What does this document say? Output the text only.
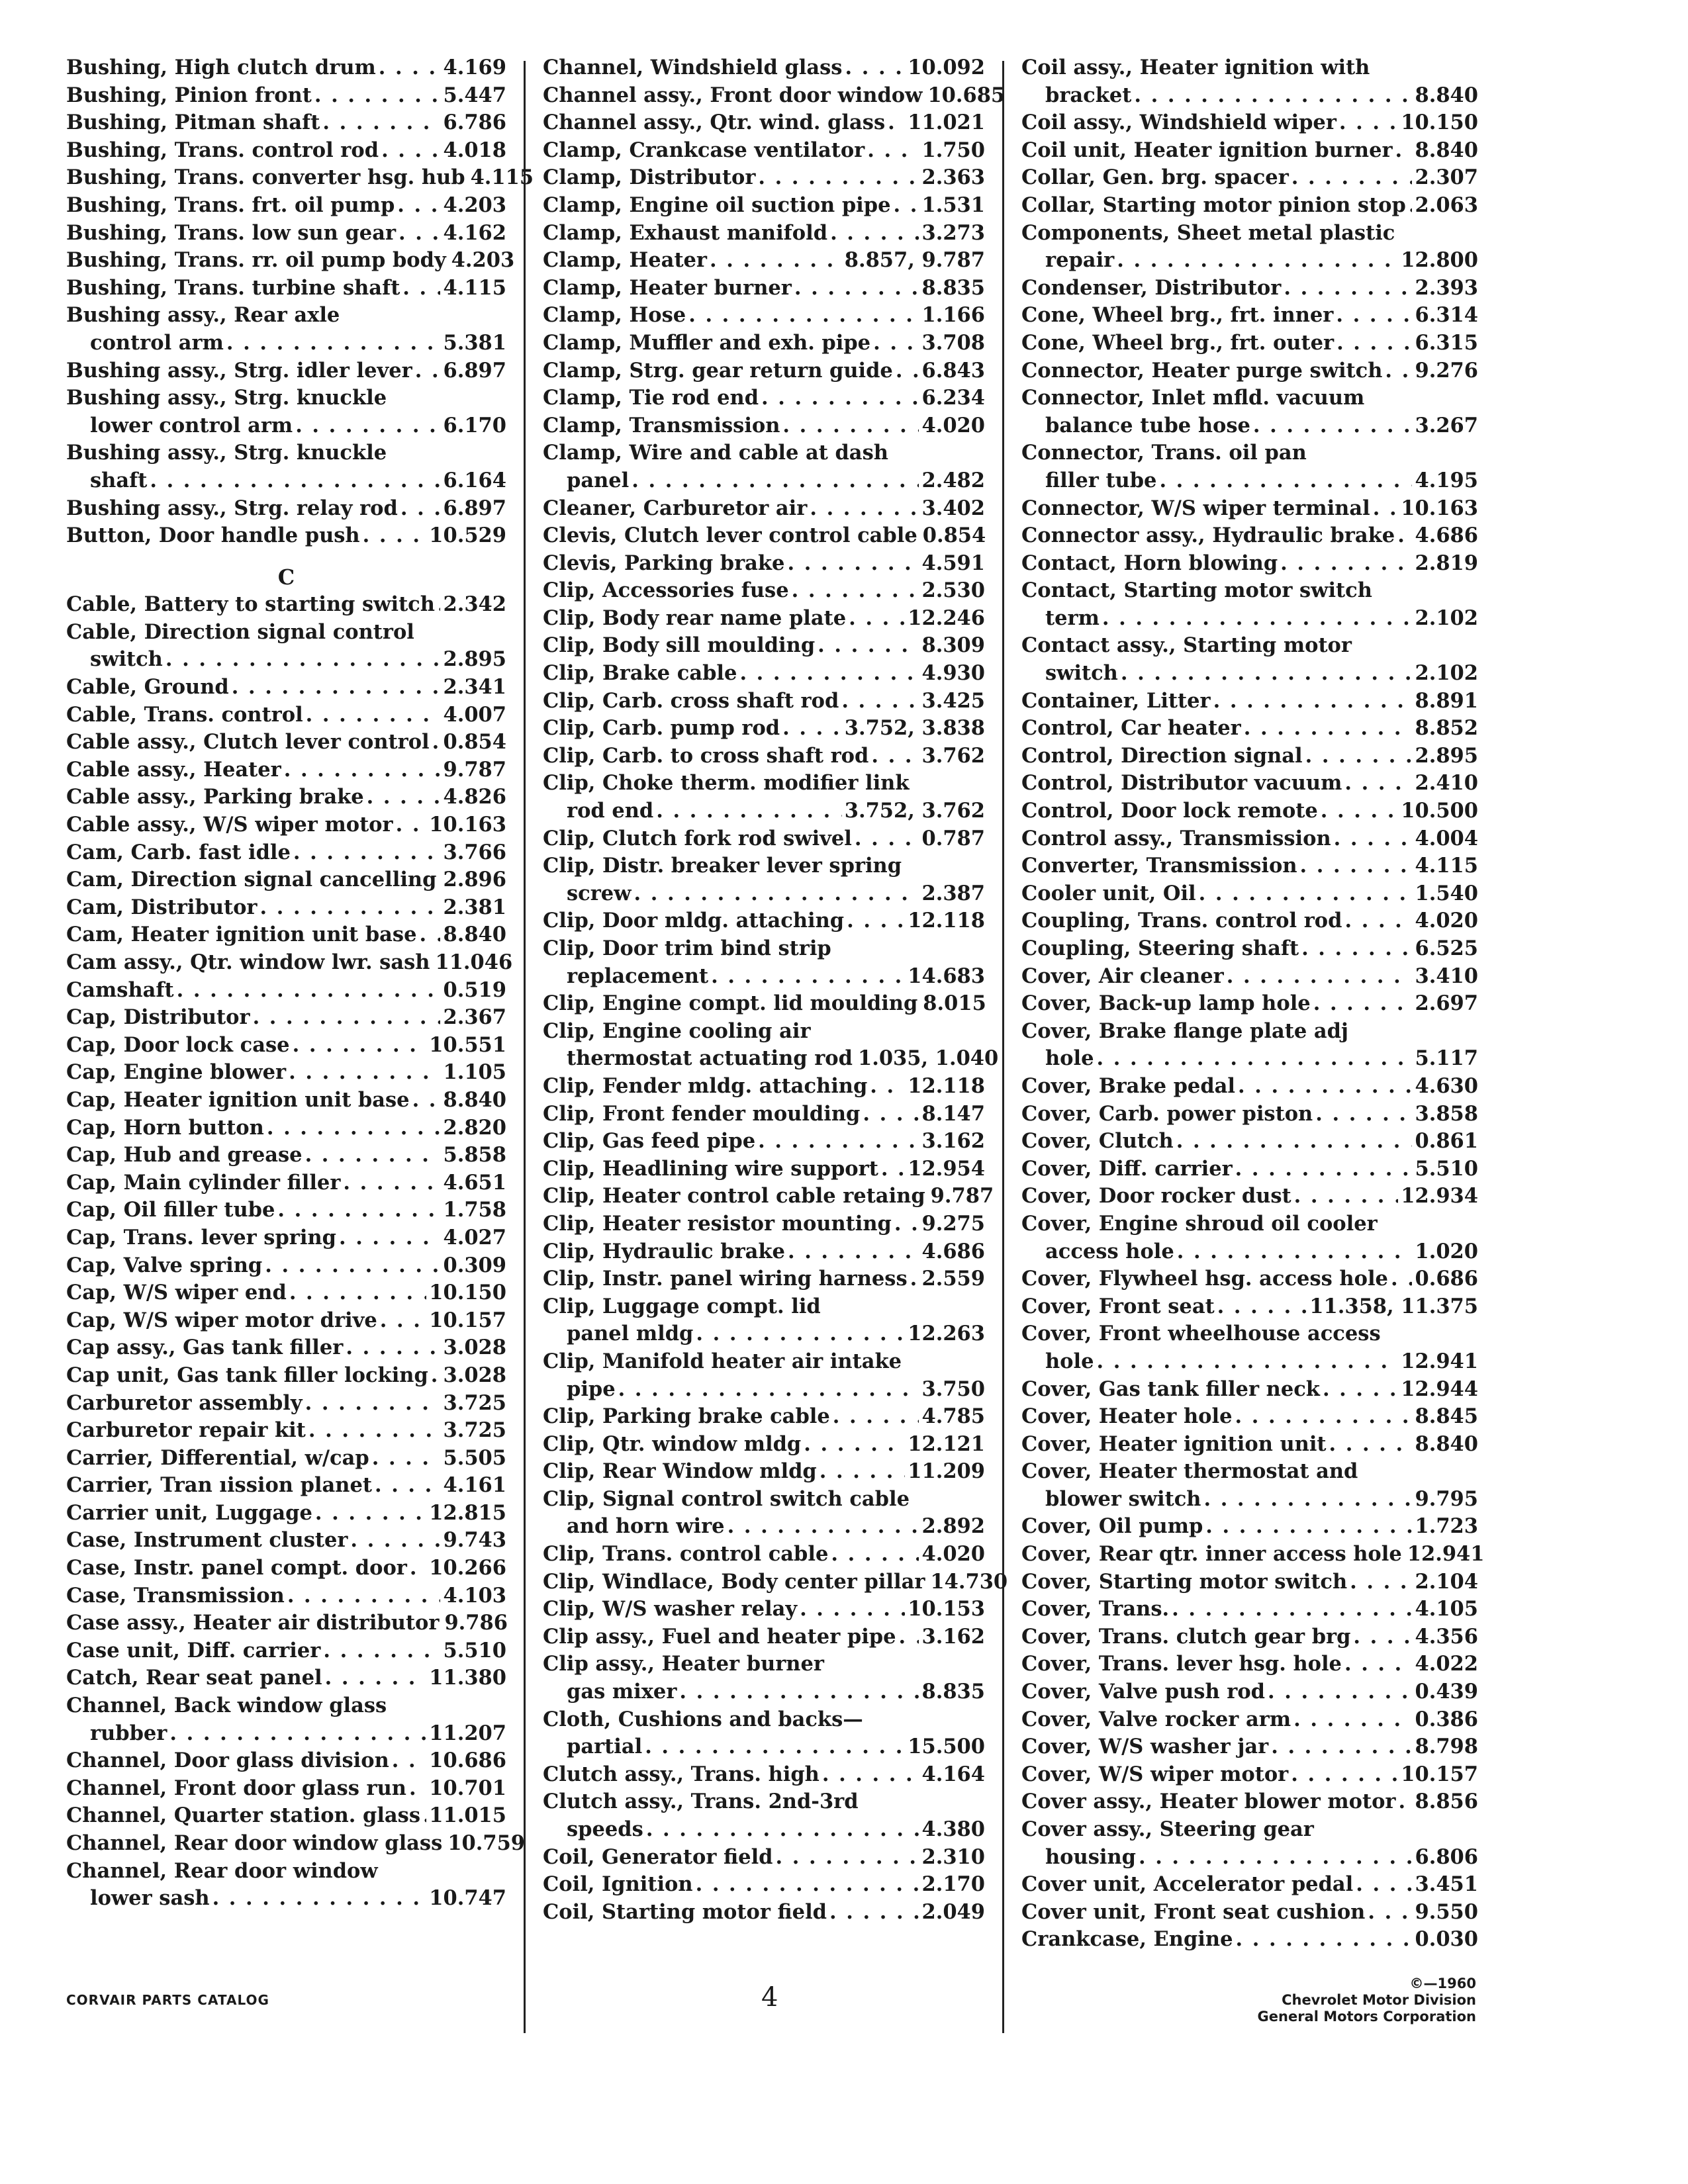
Bushing, High clutch drum . . .	4.169
Bushing, Pinion front . . .	5.447
Bushing, Pitman shaft . . .	6.786
Bushing, Trans. control rod . . .	4.018
Bushing, Trans. converter hsg. hub 4.115
Bushing, Trans. frt. oil pump . . . 4.203
Bushing, Trans. low sun gear . . . 4.162
Bushing, Trans. rr. oil pump body 4.203
Bushing, Trans. turbine shaft . . . 4.115
Bushing assy., Rear axle
control arm . . .	5.381
Bushing assy., Strg. idler lever . . . 6.897
Bushing assy., Strg. knuckle
lower control arm . . .	6.170
Bushing assy., Strg. knuckle
shaft . . .	6.164
Bushing assy., Strg. relay rod . . . 6.897
Button, Door handle push . . .	10.529
C
Cable, Battery to starting switch . . . 2.342
Cable, Direction signal control
switch . . .	2.895
Cable, Ground . . .	2.341
Cable, Trans. control . . .	4.007
Cable assy., Clutch lever control . . . 0.854
Cable assy., Heater . . .	9.787
Cable assy., Parking brake . . .	4.826
Cable assy., W/S wiper motor . . . 10.163
Cam, Carb. fast idle . . .	3.766
Cam, Direction signal cancelling . . . 2.896
Cam, Distributor . . .	2.381
Cam, Heater ignition unit base . . . 8.840
Cam assy., Qtr. window lwr. sash 11.046
Camshaft . . .	0.519
Cap, Distributor . . .	2.367
Cap, Door lock case . . .	10.551
Cap, Engine blower . . .	1.105
Cap, Heater ignition unit base . . . 8.840
Cap, Horn button . . .	2.820
Cap, Hub and grease . . .	5.858
Cap, Main cylinder filler . . .	4.651
Cap, Oil filler tube . . .	1.758
Cap, Trans. lever spring . . .	4.027
Cap, Valve spring . . .	0.309
Cap, W/S wiper end . . .	10.150
Cap, W/S wiper motor drive . . .	10.157
Cap assy., Gas tank filler . . .	3.028
Cap unit, Gas tank filler locking . . . 3.028
Carburetor assembly . . .	3.725
Carburetor repair kit . . .	3.725
Carrier, Differential, w/cap . . .	5.505
Carrier, Tran ıission planet . . .	4.161
Carrier unit, Luggage . . .	12.815
Case, Instrument cluster . . .	9.743
Case, Instr. panel compt. door . . . 10.266
Case, Transmission . . .	4.103
Case assy., Heater air distributor 9.786
Case unit, Diff. carrier . . .	5.510
Catch, Rear seat panel . . .	11.380
Channel, Back window glass
rubber . . .	11.207
Channel, Door glass division . . . 10.686
Channel, Front door glass run . . . 10.701
Channel, Quarter station. glass . . . 11.015
Channel, Rear door window glass 10.759
Channel, Rear door window
lower sash . . .	10.747
Channel, Windshield glass . . .	10.092
Channel assy., Front door window 10.685
Channel assy., Qtr. wind. glass . . . 11.021
Clamp, Crankcase ventilator . . .	1.750
Clamp, Distributor . . .	2.363
Clamp, Engine oil suction pipe . . . 1.531
Clamp, Exhaust manifold . . .	3.273
Clamp, Heater . . .	8.857, 9.787
Clamp, Heater burner . . .	8.835
Clamp, Hose . . .	1.166
Clamp, Muffler and exh. pipe . . .	3.708
Clamp, Strg. gear return guide . . . 6.843
Clamp, Tie rod end . . .	6.234
Clamp, Transmission . . .	4.020
Clamp, Wire and cable at dash
panel . . .	2.482
Cleaner, Carburetor air . . .	3.402
Clevis, Clutch lever control cable 0.854
Clevis, Parking brake . . .	4.591
Clip, Accessories fuse . . .	2.530
Clip, Body rear name plate . . .	12.246
Clip, Body sill moulding . . .	8.309
Clip, Brake cable . . .	4.930
Clip, Carb. cross shaft rod . . .	3.425
Clip, Carb. pump rod . . .	3.752, 3.838
Clip, Carb. to cross shaft rod . . .	3.762
Clip, Choke therm. modifier link
rod end . . .	3.752, 3.762
Clip, Clutch fork rod swivel . . .	0.787
Clip, Distr. breaker lever spring
screw . . .	2.387
Clip, Door mldg. attaching . . .	12.118
Clip, Door trim bind strip
replacement . . .	14.683
Clip, Engine compt. lid moulding 8.015
Clip, Engine cooling air
thermostat actuating rod 1.035, 1.040
Clip, Fender mldg. attaching . . . 12.118
Clip, Front fender moulding . . .	8.147
Clip, Gas feed pipe . . .	3.162
Clip, Headlining wire support . . . 12.954
Clip, Heater control cable retaing 9.787
Clip, Heater resistor mounting . . . 9.275
Clip, Hydraulic brake . . .	4.686
Clip, Instr. panel wiring harness . . . 2.559
Clip, Luggage compt. lid
panel mldg . . .	12.263
Clip, Manifold heater air intake
pipe . . .	3.750
Clip, Parking brake cable . . .	4.785
Clip, Qtr. window mldg . . .	12.121
Clip, Rear Window mldg . . .	11.209
Clip, Signal control switch cable
and horn wire . . .	2.892
Clip, Trans. control cable . . .	4.020
Clip, Windlace, Body center pillar 14.730
Clip, W/S washer relay . . .	10.153
Clip assy., Fuel and heater pipe . . . 3.162
Clip assy., Heater burner
gas mixer . . .	8.835
Cloth, Cushions and backs—
partial . . .	15.500
Clutch assy., Trans. high . . .	4.164
Clutch assy., Trans. 2nd-3rd
speeds . . .	4.380
Coil, Generator field . . .	2.310
Coil, Ignition . . .	2.170
Coil, Starting motor field . . .	2.049
Coil assy., Heater ignition with
bracket . . .	8.840
Coil assy., Windshield wiper . . .	10.150
Coil unit, Heater ignition burner . . . 8.840
Collar, Gen. brg. spacer . . .	2.307
Collar, Starting motor pinion stop . . . 2.063
Components, Sheet metal plastic
repair . . .	12.800
Condenser, Distributor . . .	2.393
Cone, Wheel brg., frt. inner . . .	6.314
Cone, Wheel brg., frt. outer . . .	6.315
Connector, Heater purge switch . . . 9.276
Connector, Inlet mfld. vacuum
balance tube hose . . .	3.267
Connector, Trans. oil pan
filler tube . . .	4.195
Connector, W/S wiper terminal . . . 10.163
Connector assy., Hydraulic brake . . . 4.686
Contact, Horn blowing . . .	2.819
Contact, Starting motor switch
term . . .	2.102
Contact assy., Starting motor
switch . . .	2.102
Container, Litter . . .	8.891
Control, Car heater . . .	8.852
Control, Direction signal . . .	2.895
Control, Distributor vacuum . . .	2.410
Control, Door lock remote . . .	10.500
Control assy., Transmission . . .	4.004
Converter, Transmission . . .	4.115
Cooler unit, Oil . . .	1.540
Coupling, Trans. control rod . . .	4.020
Coupling, Steering shaft . . .	6.525
Cover, Air cleaner . . .	3.410
Cover, Back-up lamp hole . . .	2.697
Cover, Brake flange plate adj
hole . . .	5.117
Cover, Brake pedal . . .	4.630
Cover, Carb. power piston . . .	3.858
Cover, Clutch . . .	0.861
Cover, Diff. carrier . . .	5.510
Cover, Door rocker dust . . .	12.934
Cover, Engine shroud oil cooler
access hole . . .	1.020
Cover, Flywheel hsg. access hole . . . 0.686
Cover, Front seat . . .	11.358, 11.375
Cover, Front wheelhouse access
hole . . .	12.941
Cover, Gas tank filler neck . . .	12.944
Cover, Heater hole . . .	8.845
Cover, Heater ignition unit . . .	8.840
Cover, Heater thermostat and
blower switch . . .	9.795
Cover, Oil pump . . .	1.723
Cover, Rear qtr. inner access hole 12.941
Cover, Starting motor switch . . .	2.104
Cover, Trans. . . .	4.105
Cover, Trans. clutch gear brg . . .	4.356
Cover, Trans. lever hsg. hole . . .	4.022
Cover, Valve push rod . . .	0.439
Cover, Valve rocker arm . . .	0.386
Cover, W/S washer jar . . .	8.798
Cover, W/S wiper motor . . .	10.157
Cover assy., Heater blower motor . . . 8.856
Cover assy., Steering gear
housing . . .	6.806
Cover unit, Accelerator pedal . . .	3.451
Cover unit, Front seat cushion . . . 9.550
Crankcase, Engine . . .	0.030
CORVAIR PARTS CATALOG	4	©—1960
Chevrolet Motor Division
General Motors Corporation
